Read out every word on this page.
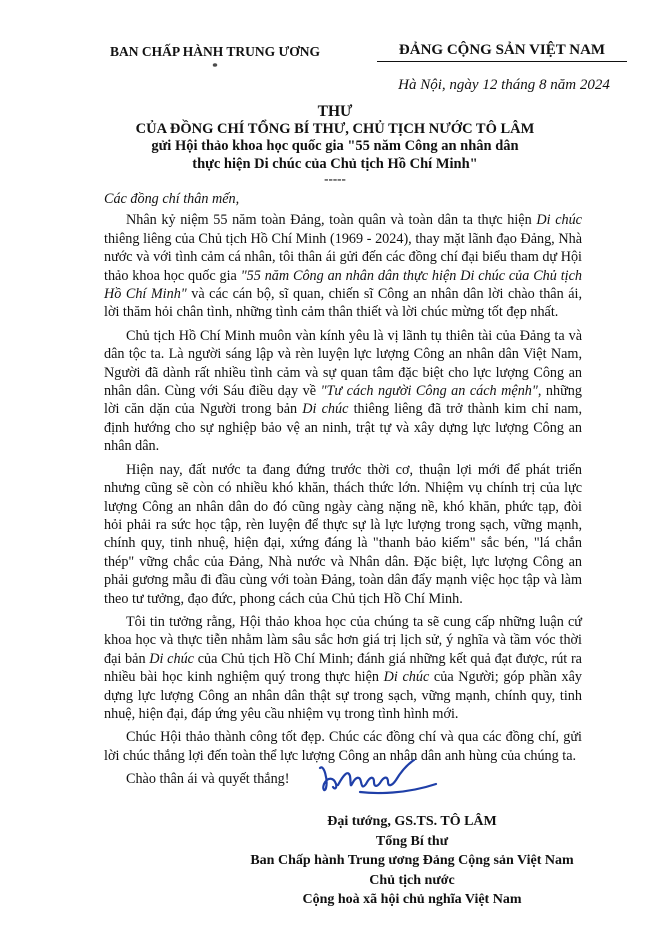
BAN CHẤP HÀNH TRUNG ƯƠNG
*
ĐẢNG CỘNG SẢN VIỆT NAM
Hà Nội, ngày 12 tháng 8 năm 2024
THƯ
CỦA ĐỒNG CHÍ TỔNG BÍ THƯ, CHỦ TỊCH NƯỚC TÔ LÂM
gửi Hội thảo khoa học quốc gia "55 năm Công an nhân dân
thực hiện Di chúc của Chủ tịch Hồ Chí Minh"
-----

Các đồng chí thân mến,

Nhân kỷ niệm 55 năm toàn Đảng, toàn quân và toàn dân ta thực hiện Di chúc thiêng liêng của Chủ tịch Hồ Chí Minh (1969 - 2024), thay mặt lãnh đạo Đảng, Nhà nước và với tình cảm cá nhân, tôi thân ái gửi đến các đồng chí đại biểu tham dự Hội thảo khoa học quốc gia "55 năm Công an nhân dân thực hiện Di chúc của Chủ tịch Hồ Chí Minh" và các cán bộ, sĩ quan, chiến sĩ Công an nhân dân lời chào thân ái, lời thăm hỏi chân tình, những tình cảm thân thiết và lời chúc mừng tốt đẹp nhất.

Chủ tịch Hồ Chí Minh muôn vàn kính yêu là vị lãnh tụ thiên tài của Đảng ta và dân tộc ta. Là người sáng lập và rèn luyện lực lượng Công an nhân dân Việt Nam, Người đã dành rất nhiều tình cảm và sự quan tâm đặc biệt cho lực lượng Công an nhân dân. Cùng với Sáu điều dạy về "Tư cách người Công an cách mệnh", những lời căn dặn của Người trong bản Di chúc thiêng liêng đã trở thành kim chỉ nam, định hướng cho sự nghiệp bảo vệ an ninh, trật tự và xây dựng lực lượng Công an nhân dân.

Hiện nay, đất nước ta đang đứng trước thời cơ, thuận lợi mới để phát triển nhưng cũng sẽ còn có nhiều khó khăn, thách thức lớn. Nhiệm vụ chính trị của lực lượng Công an nhân dân do đó cũng ngày càng nặng nề, khó khăn, phức tạp, đòi hỏi phải ra sức học tập, rèn luyện để thực sự là lực lượng trong sạch, vững mạnh, chính quy, tinh nhuệ, hiện đại, xứng đáng là "thanh bảo kiếm" sắc bén, "lá chắn thép" vững chắc của Đảng, Nhà nước và Nhân dân. Đặc biệt, lực lượng Công an phải gương mẫu đi đầu cùng với toàn Đảng, toàn dân đẩy mạnh việc học tập và làm theo tư tưởng, đạo đức, phong cách của Chủ tịch Hồ Chí Minh.

Tôi tin tưởng rằng, Hội thảo khoa học của chúng ta sẽ cung cấp những luận cứ khoa học và thực tiễn nhằm làm sâu sắc hơn giá trị lịch sử, ý nghĩa và tầm vóc thời đại bản Di chúc của Chủ tịch Hồ Chí Minh; đánh giá những kết quả đạt được, rút ra nhiều bài học kinh nghiệm quý trong thực hiện Di chúc của Người; góp phần xây dựng lực lượng Công an nhân dân thật sự trong sạch, vững mạnh, chính quy, tinh nhuệ, hiện đại, đáp ứng yêu cầu nhiệm vụ trong tình hình mới.

Chúc Hội thảo thành công tốt đẹp. Chúc các đồng chí và qua các đồng chí, gửi lời chúc thắng lợi đến toàn thể lực lượng Công an nhân dân anh hùng của chúng ta.

Chào thân ái và quyết thắng!

Đại tướng, GS.TS. TÔ LÂM
Tổng Bí thư
Ban Chấp hành Trung ương Đảng Cộng sản Việt Nam
Chủ tịch nước
Cộng hoà xã hội chủ nghĩa Việt Nam
